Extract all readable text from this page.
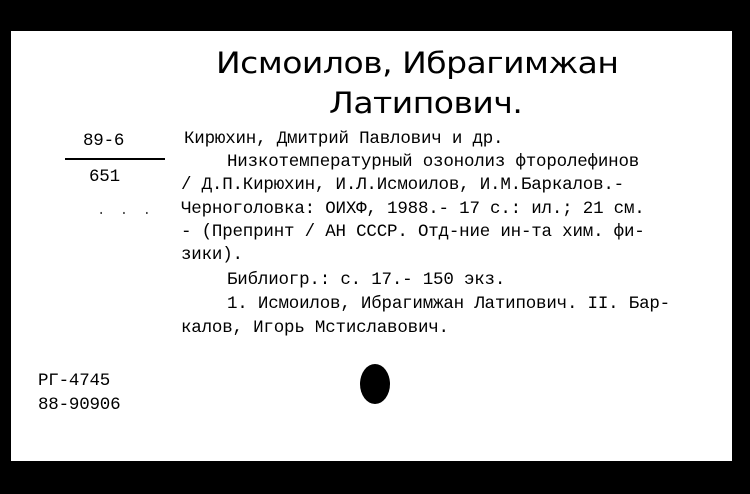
Исмоилов, Ибрагимжан
Латипович.
89-6
651
. . .
Кирюхин, Дмитрий Павлович и др.
Низкотемпературный озонолиз фторолефинов
/ Д.П.Кирюхин, И.Л.Исмоилов, И.М.Баркалов.-
Черноголовка: ОИХФ, 1988.- 17 с.: ил.; 21 см.
- (Препринт / АН СССР. Отд-ние ин-та хим. фи-
зики).
Библиогр.: с. 17.- 150 экз.
1. Исмоилов, Ибрагимжан Латипович. II. Бар-
калов, Игорь Мстиславович.
РГ-4745
88-90906
